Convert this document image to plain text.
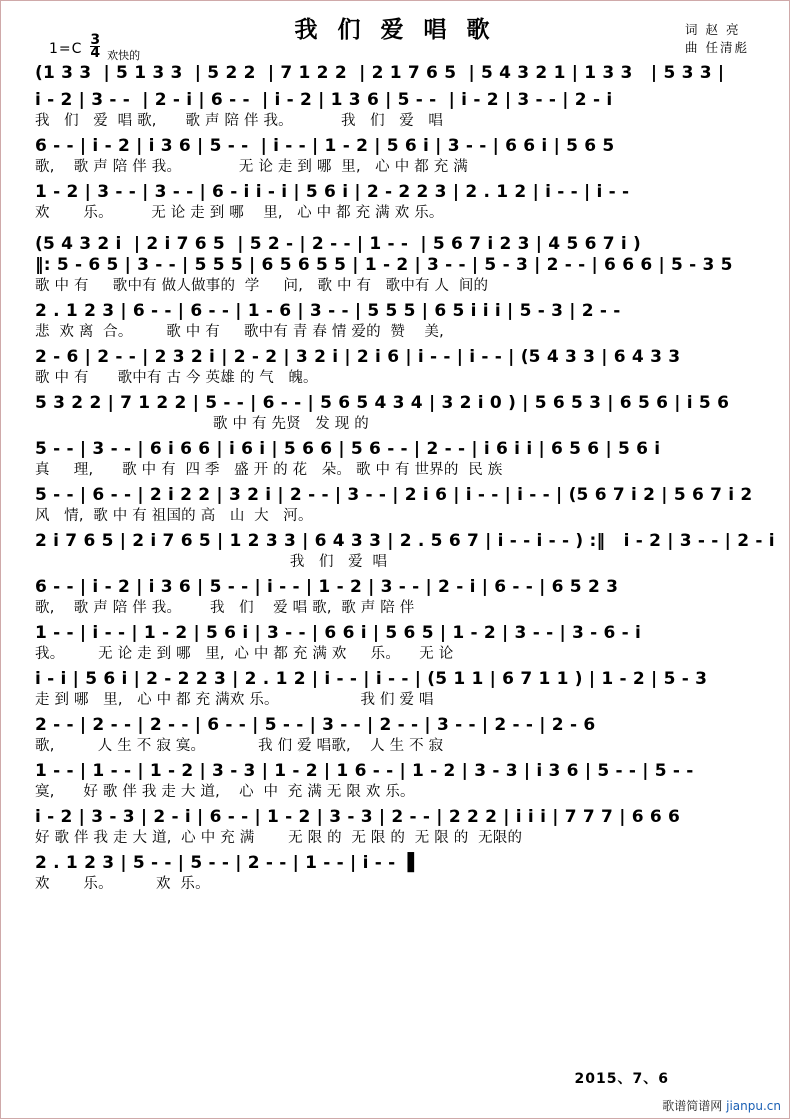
我 们 爱 唱 歌	词 赵 亮
曲 任清彪
$1=C \frac{3}{4}$ 欢快的
(1 3 3  | 5 1 3 3  | 5 2 2  | 7 1 2 2  | 2 1 7 6 5  | 5 4 3 2 1 | 1 3 3   | 5 3 3 |
i - 2 | 3 - -  | 2 - i | 6 - -  | i - 2 | 1 3 6 | 5 - -  | i - 2 | 3 - - | 2 - i
我   们   爱  唱 歌,      歌 声 陪 伴 我。          我   们   爱   唱
6 - - | i - 2 | i 3 6 | 5 - -  | i - - | 1 - 2 | 5 6 i | 3 - - | 6 6 i | 5 6 5
歌,    歌 声 陪 伴 我。            无 论 走 到 哪  里,   心 中 都 充 满
1 - 2 | 3 - - | 3 - - | 6 - i i - i | 5 6 i | 2 - 2 2 3 | 2 . 1 2 | i - - | i - -
欢       乐。        无 论 走 到 哪    里,   心 中 都 充 满 欢 乐。
(5 4 3 2 i  | 2 i 7 6 5  | 5 2 - | 2 - - | 1 - -  | 5 6 7 i 2 3 | 4 5 6 7 i )
‖: 5 - 6 5 | 3 - - | 5 5 5 | 6 5 6 5 5 | 1 - 2 | 3 - - | 5 - 3 | 2 - - | 6 6 6 | 5 - 3 5
歌 中 有     歌中有 做人做事的  学     问,   歌 中 有   歌中有 人  间的
2 . 1 2 3 | 6 - - | 6 - - | 1 - 6 | 3 - - | 5 5 5 | 6 5 i i i | 5 - 3 | 2 - -
悲  欢 离  合。       歌 中 有     歌中有 青 春 情 爱的  赞    美,
2 - 6 | 2 - - | 2 3 2 i | 2 - 2 | 3 2 i | 2 i 6 | i - - | i - - | (5 4 3 3 | 6 4 3 3
歌 中 有      歌中有 古 今 英雄 的 气   魄。
5 3 2 2 | 7 1 2 2 | 5 - - | 6 - - | 5 6 5 4 3 4 | 3 2 i 0 ) | 5 6 5 3 | 6 5 6 | i 5 6
歌 中 有 先贤   发 现 的
5 - - | 3 - - | 6 i 6 6 | i 6 i | 5 6 6 | 5 6 - - | 2 - - | i 6 i i | 6 5 6 | 5 6 i
真     理,      歌 中 有  四 季   盛 开 的 花   朵。 歌 中 有 世界的  民 族
5 - - | 6 - - | 2 i 2 2 | 3 2 i | 2 - - | 3 - - | 2 i 6 | i - - | i - - | (5 6 7 i 2 | 5 6 7 i 2
风   情,  歌 中 有 祖国的 高   山  大   河。
2 i 7 6 5 | 2 i 7 6 5 | 1 2 3 3 | 6 4 3 3 | 2 . 5 6 7 | i - - i - - ) :‖   i - 2 | 3 - - | 2 - i
我   们   爱  唱
6 - - | i - 2 | i 3 6 | 5 - - | i - - | 1 - 2 | 3 - - | 2 - i | 6 - - | 6 5 2 3
歌,    歌 声 陪 伴 我。      我   们    爱 唱 歌,  歌 声 陪 伴
1 - - | i - - | 1 - 2 | 5 6 i | 3 - - | 6 6 i | 5 6 5 | 1 - 2 | 3 - - | 3 - 6 - i
我。       无 论 走 到 哪   里,  心 中 都 充 满 欢     乐。    无 论
i - i | 5 6 i | 2 - 2 2 3 | 2 . 1 2 | i - - | i - - | (5 1 1 | 6 7 1 1 ) | 1 - 2 | 5 - 3
走 到 哪   里,   心 中 都 充 满欢 乐。                 我 们 爱 唱
2 - - | 2 - - | 2 - - | 6 - - | 5 - - | 3 - - | 2 - - | 3 - - | 2 - - | 2 - 6
歌,         人 生 不 寂 寞。           我 们 爱 唱歌,    人 生 不 寂
1 - - | 1 - - | 1 - 2 | 3 - 3 | 1 - 2 | 1 6 - - | 1 - 2 | 3 - 3 | i 3 6 | 5 - - | 5 - -
寞,      好 歌 伴 我 走 大 道,    心  中  充 满 无 限 欢 乐。
i - 2 | 3 - 3 | 2 - i | 6 - - | 1 - 2 | 3 - 3 | 2 - - | 2 2 2 | i i i | 7 7 7 | 6 6 6
好 歌 伴 我 走 大 道,  心 中 充 满       无 限 的  无 限 的  无 限 的  无限的
2 . 1 2 3 | 5 - - | 5 - - | 2 - - | 1 - - | i - -  ▌
欢       乐。         欢  乐。
2015、7、6
歌谱简谱网 jianpu.cn
